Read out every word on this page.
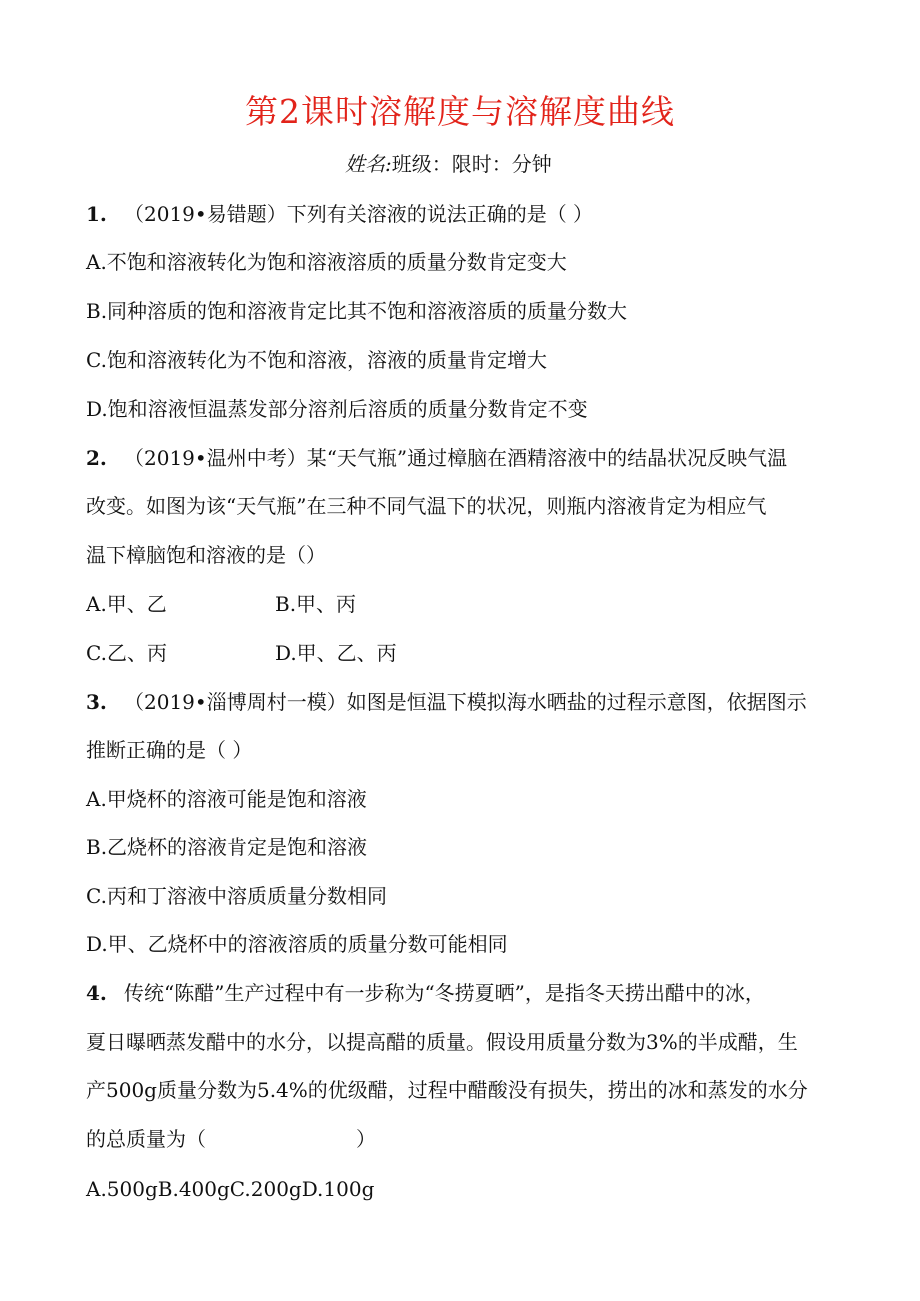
第2课时溶解度与溶解度曲线
姓名:班级：限时：分钟
1. （2019•易错题）下列有关溶液的说法正确的是（ ）
A.不饱和溶液转化为饱和溶液溶质的质量分数肯定变大
B.同种溶质的饱和溶液肯定比其不饱和溶液溶质的质量分数大
C.饱和溶液转化为不饱和溶液，溶液的质量肯定增大
D.饱和溶液恒温蒸发部分溶剂后溶质的质量分数肯定不变
2. （2019•温州中考）某“天气瓶”通过樟脑在酒精溶液中的结晶状况反映气温
改变。如图为该“天气瓶”在三种不同气温下的状况，则瓶内溶液肯定为相应气
温下樟脑饱和溶液的是（）
A.甲、乙	B.甲、丙
C.乙、丙	D.甲、乙、丙
3. （2019•淄博周村一模）如图是恒温下模拟海水晒盐的过程示意图，依据图示
推断正确的是（ ）
A.甲烧杯的溶液可能是饱和溶液
B.乙烧杯的溶液肯定是饱和溶液
C.丙和丁溶液中溶质质量分数相同
D.甲、乙烧杯中的溶液溶质的质量分数可能相同
4. 传统“陈醋”生产过程中有一步称为“冬捞夏晒”，是指冬天捞出醋中的冰，
夏日曝晒蒸发醋中的水分，以提高醋的质量。假设用质量分数为3%的半成醋，生
产500g质量分数为5.4%的优级醋，过程中醋酸没有损失，捞出的冰和蒸发的水分
的总质量为（	）
A.500gB.400gC.200gD.100g
